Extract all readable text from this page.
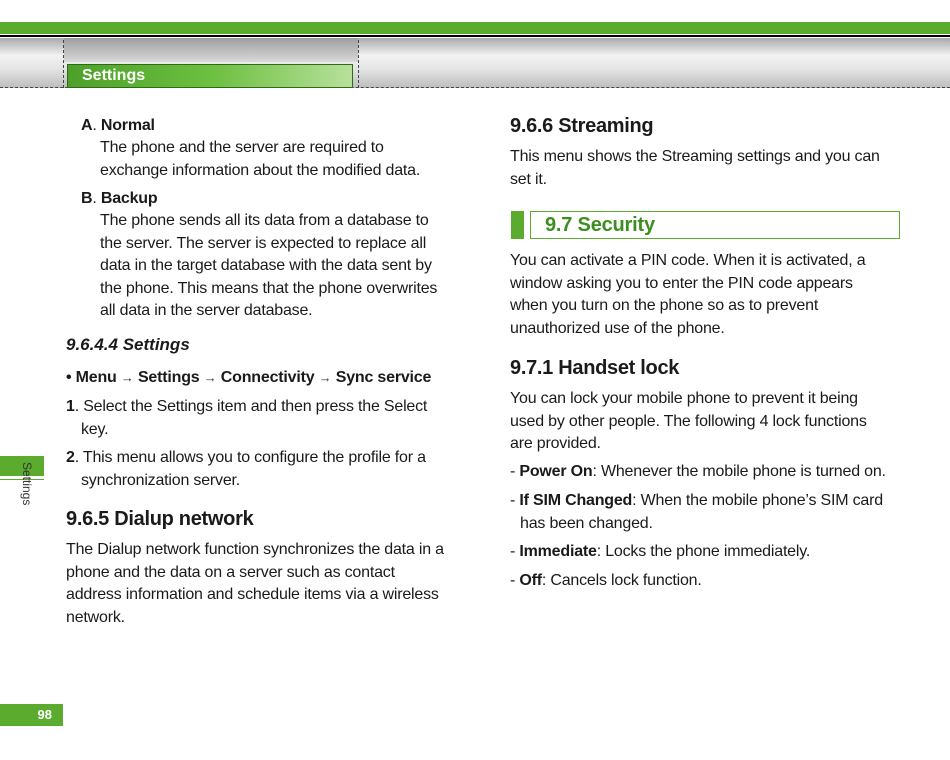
Settings
Settings
98
A. Normal
The phone and the server are required to
exchange information about the modified data.
B. Backup
The phone sends all its data from a database to
the server. The server is expected to replace all
data in the target database with the data sent by
the phone. This means that the phone overwrites
all data in the server database.
9.6.4.4 Settings
• Menu → Settings → Connectivity → Sync service
1. Select the Settings item and then press the Select
key.
2. This menu allows you to configure the profile for a
synchronization server.
9.6.5 Dialup network
The Dialup network function synchronizes the data in a
phone and the data on a server such as contact
address information and schedule items via a wireless
network.
9.6.6 Streaming
This menu shows the Streaming settings and you can
set it.
9.7 Security
You can activate a PIN code. When it is activated, a
window asking you to enter the PIN code appears
when you turn on the phone so as to prevent
unauthorized use of the phone.
9.7.1 Handset lock
You can lock your mobile phone to prevent it being
used by other people. The following 4 lock functions
are provided.
- Power On: Whenever the mobile phone is turned on.
- If SIM Changed: When the mobile phone’s SIM card
has been changed.
- Immediate: Locks the phone immediately.
- Off: Cancels lock function.
